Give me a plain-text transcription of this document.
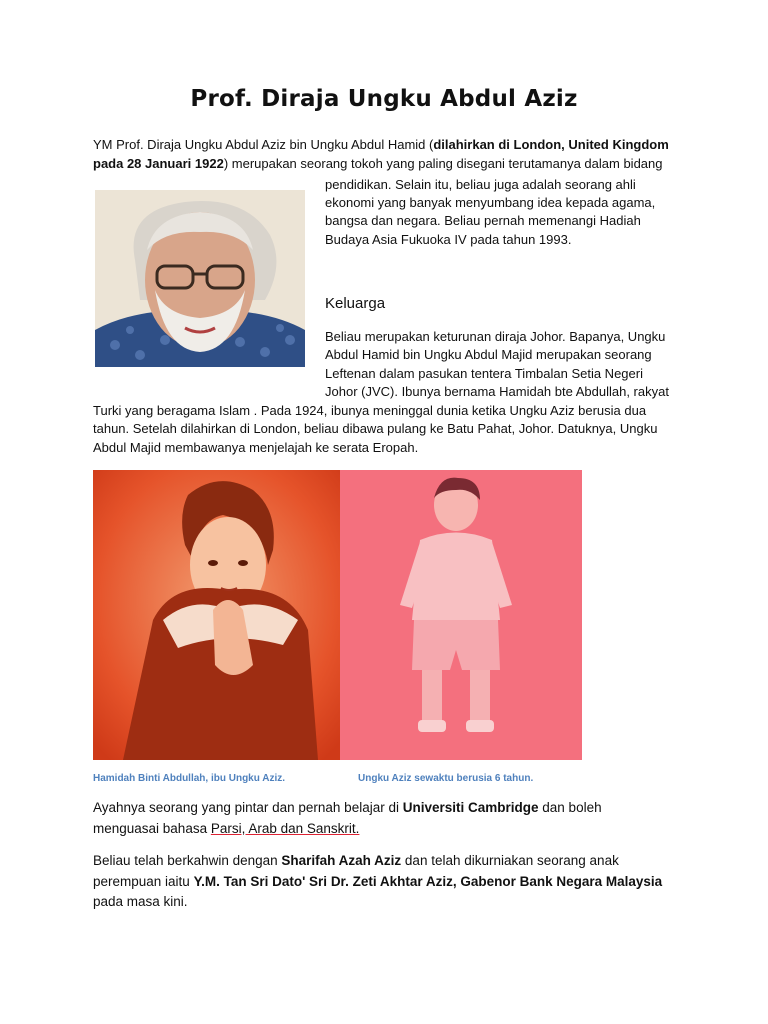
Prof. Diraja Ungku Abdul Aziz
YM Prof. Diraja Ungku Abdul Aziz bin Ungku Abdul Hamid (dilahirkan di London, United Kingdom
pada 28 Januari 1922) merupakan seorang tokoh yang paling disegani terutamanya dalam bidang
pendidikan. Selain itu, beliau juga adalah seorang ahli
ekonomi yang banyak menyumbang idea kepada agama,
bangsa dan negara. Beliau pernah memenangi Hadiah
Budaya Asia Fukuoka IV pada tahun 1993.
Keluarga
Beliau merupakan keturunan diraja Johor. Bapanya, Ungku
Abdul Hamid bin Ungku Abdul Majid merupakan seorang
Leftenan dalam pasukan tentera Timbalan Setia Negeri
Johor (JVC). Ibunya bernama Hamidah bte Abdullah, rakyat
Turki yang beragama Islam . Pada 1924, ibunya meninggal dunia ketika Ungku Aziz berusia dua
tahun. Setelah dilahirkan di London, beliau dibawa pulang ke Batu Pahat, Johor. Datuknya, Ungku
Abdul Majid membawanya menjelajah ke serata Eropah.
Hamidah Binti Abdullah, ibu Ungku Aziz.	Ungku Aziz sewaktu berusia 6 tahun.
Ayahnya seorang yang pintar dan pernah belajar di Universiti Cambridge dan boleh
menguasai bahasa Parsi, Arab dan Sanskrit.
Beliau telah berkahwin dengan Sharifah Azah Aziz dan telah dikurniakan seorang anak
perempuan iaitu Y.M. Tan Sri Dato' Sri Dr. Zeti Akhtar Aziz, Gabenor Bank Negara Malaysia
pada masa kini.
